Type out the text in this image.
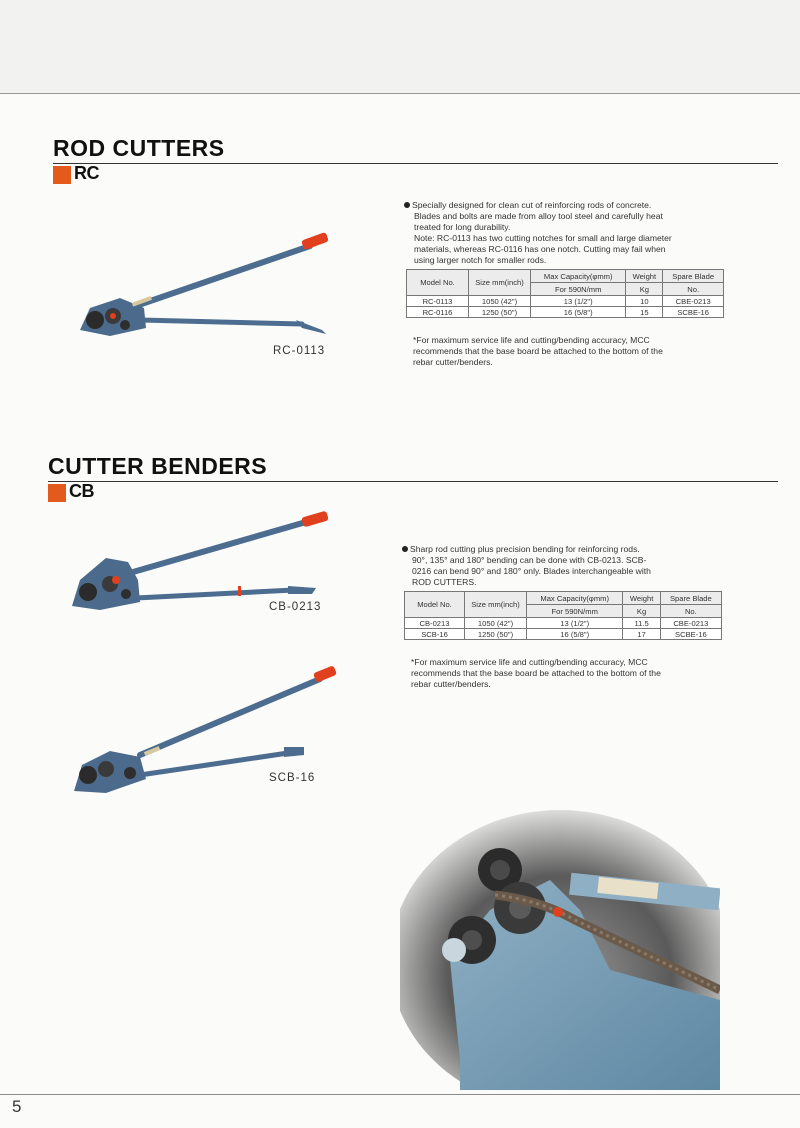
ROD CUTTERS
RC
RC-0113

Specially designed for clean cut of reinforcing rods of concrete.

Blades and bolts are made from alloy tool steel and carefully heat

treated for long durability.

Note: RC-0113 has two cutting notches for small and large diameter

materials, whereas RC-0116 has one notch. Cutting may fail when

using larger notch for smaller rods.

Model No.	Size mm(inch)	Max Capacity(φmm)	Weight	Spare Blade
		For 590N/mm	Kg	No.
RC-0113	1050 (42")	13 (1/2")	10	CBE-0213
RC-0116	1250 (50")	16 (5/8")	15	SCBE-16

*For maximum service life and cutting/bending accuracy, MCC

recommends that the base board be attached to the bottom of the

rebar cutter/benders.

CUTTER BENDERS
CB
CB-0213
SCB-16

Sharp rod cutting plus precision bending for reinforcing rods.

90°, 135° and 180° bending can be done with CB-0213. SCB-

0216 can bend 90° and 180° only. Blades interchangeable with

ROD CUTTERS.

Model No.	Size mm(inch)	Max Capacity(φmm)	Weight	Spare Blade
		For 590N/mm	Kg	No.
CB-0213	1050 (42")	13 (1/2")	11.5	CBE-0213
SCB-16	1250 (50")	16 (5/8")	17	SCBE-16

*For maximum service life and cutting/bending accuracy, MCC

recommends that the base board be attached to the bottom of the

rebar cutter/benders.

5
